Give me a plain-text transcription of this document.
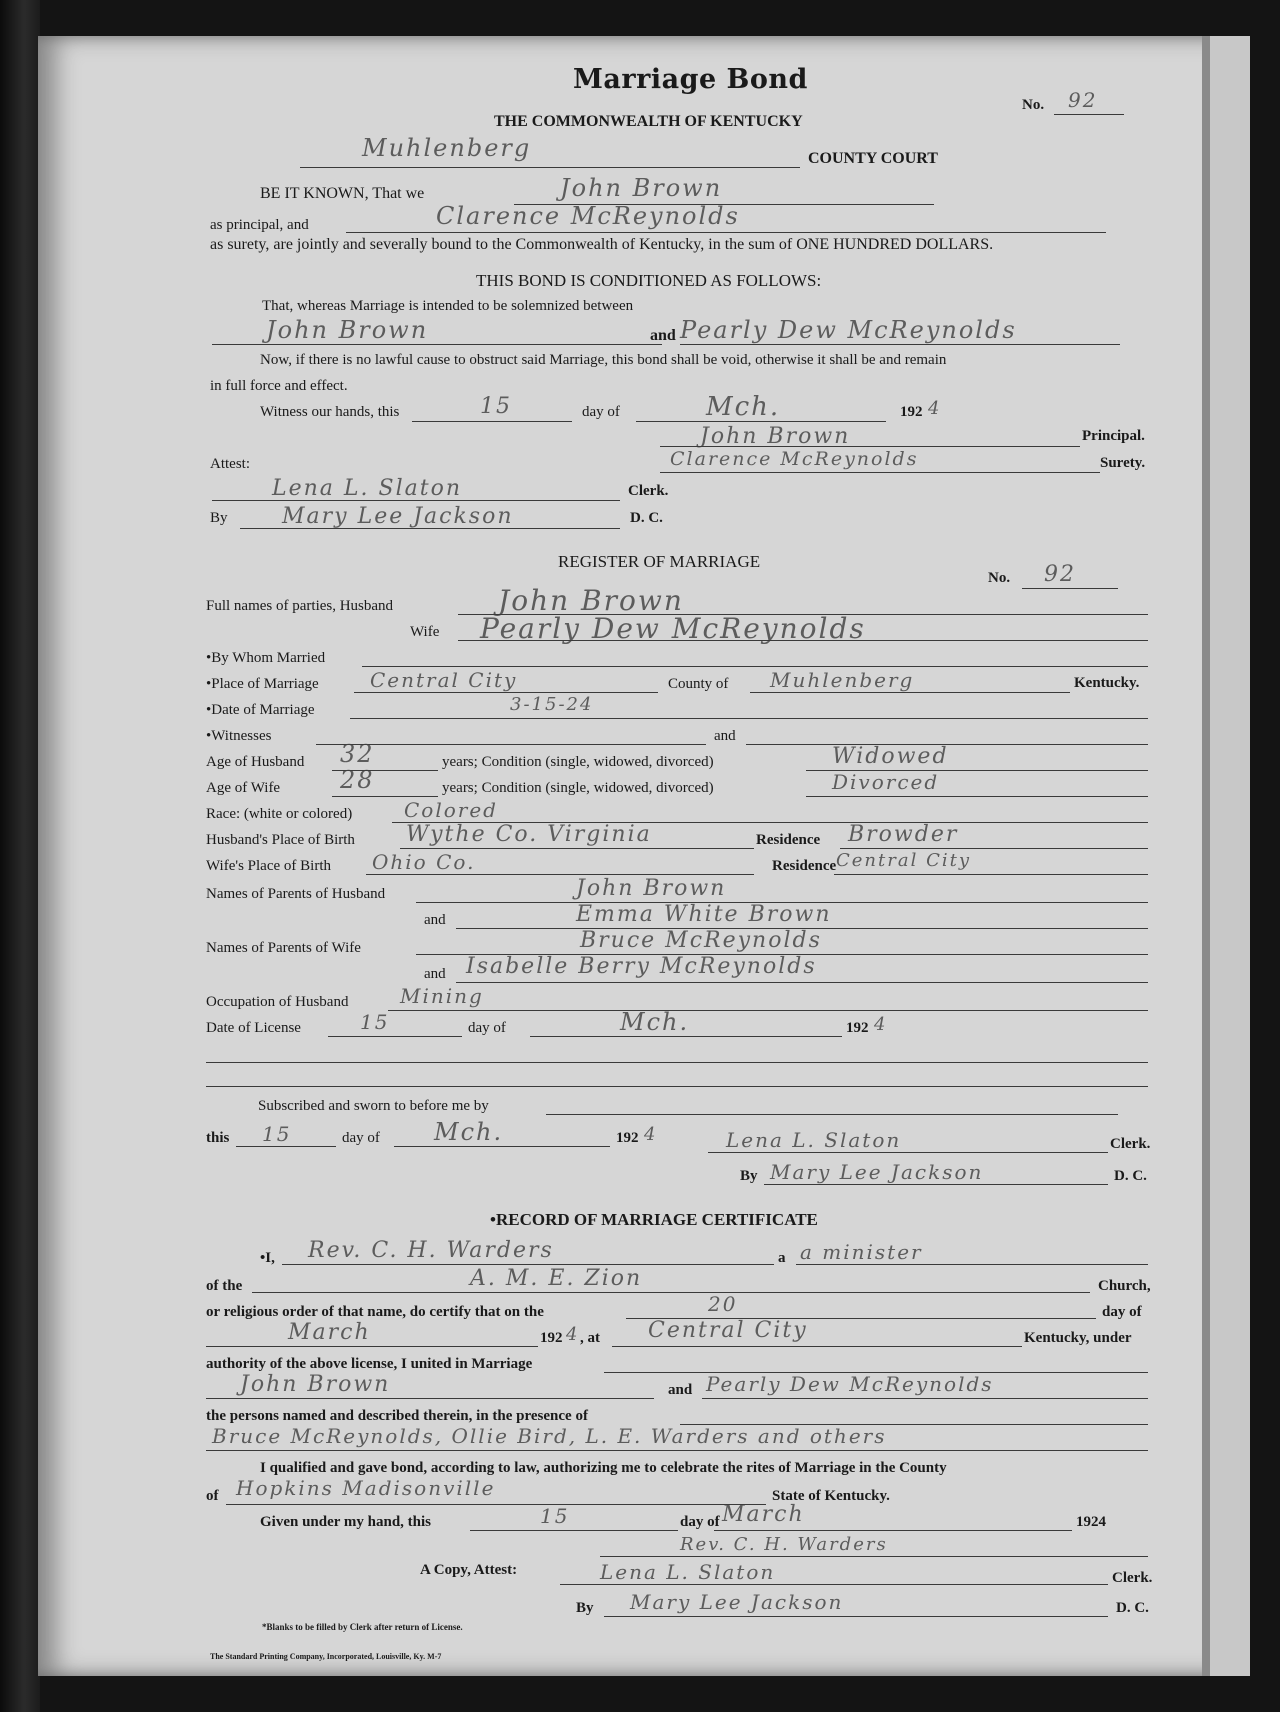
Marriage Bond
No. 92
THE COMMONWEALTH OF KENTUCKY
Muhlenberg	COUNTY COURT
BE IT KNOWN, That we	John Brown
as principal, and	Clarence McReynolds
as surety, are jointly and severally bound to the Commonwealth of Kentucky, in the sum of ONE HUNDRED DOLLARS.
THIS BOND IS CONDITIONED AS FOLLOWS:
That, whereas Marriage is intended to be solemnized between
John Brown	and Pearly Dew McReynolds
Now, if there is no lawful cause to obstruct said Marriage, this bond shall be void, otherwise it shall be and remain
in full force and effect.
Witness our hands, this	15	day of	Mch.	192 4
John Brown	Principal.
Attest:	Clarence McReynolds	Surety.
Lena L. Slaton	Clerk.
By Mary Lee Jackson	D. C.
REGISTER OF MARRIAGE
No. 92
Full names of parties, Husband	John Brown
Wife Pearly Dew McReynolds
•By Whom Married
•Place of Marriage	Central City	County of Muhlenberg	Kentucky.
•Date of Marriage	3-15-24
•Witnesses	and
Age of Husband 32	years; Condition (single, widowed, divorced)	Widowed
Age of Wife 28	years; Condition (single, widowed, divorced)	Divorced
Race: (white or colored)	Colored
Husband's Place of Birth Wythe Co. Virginia	Residence Browder
Wife's Place of Birth Ohio Co.	Residence Central City
Names of Parents of Husband	John Brown
and	Emma White Brown
Names of Parents of Wife	Bruce McReynolds
and Isabelle Berry McReynolds
Occupation of Husband	Mining
Date of License	15	day of	Mch.	192 4
Subscribed and sworn to before me by
this 15	day of Mch.	192 4	Lena L. Slaton	Clerk.
By Mary Lee Jackson	D. C.
•RECORD OF MARRIAGE CERTIFICATE
•I, Rev. C. H. Warders	a a minister
of the	A. M. E. Zion	Church,
or religious order of that name, do certify that on the	20	day of
March	192 4 , at Central City	Kentucky, under
authority of the above license, I united in Marriage
John Brown	and Pearly Dew McReynolds
the persons named and described therein, in the presence of
Bruce McReynolds, Ollie Bird, L. E. Warders and others
I qualified and gave bond, according to law, authorizing me to celebrate the rites of Marriage in the County
of Hopkins Madisonville	State of Kentucky.
Given under my hand, this	15	day of March	1924
Rev. C. H. Warders
A Copy, Attest:	Lena L. Slaton	Clerk.
By Mary Lee Jackson	D. C.
*Blanks to be filled by Clerk after return of License.
The Standard Printing Company, Incorporated, Louisville, Ky. M-7
